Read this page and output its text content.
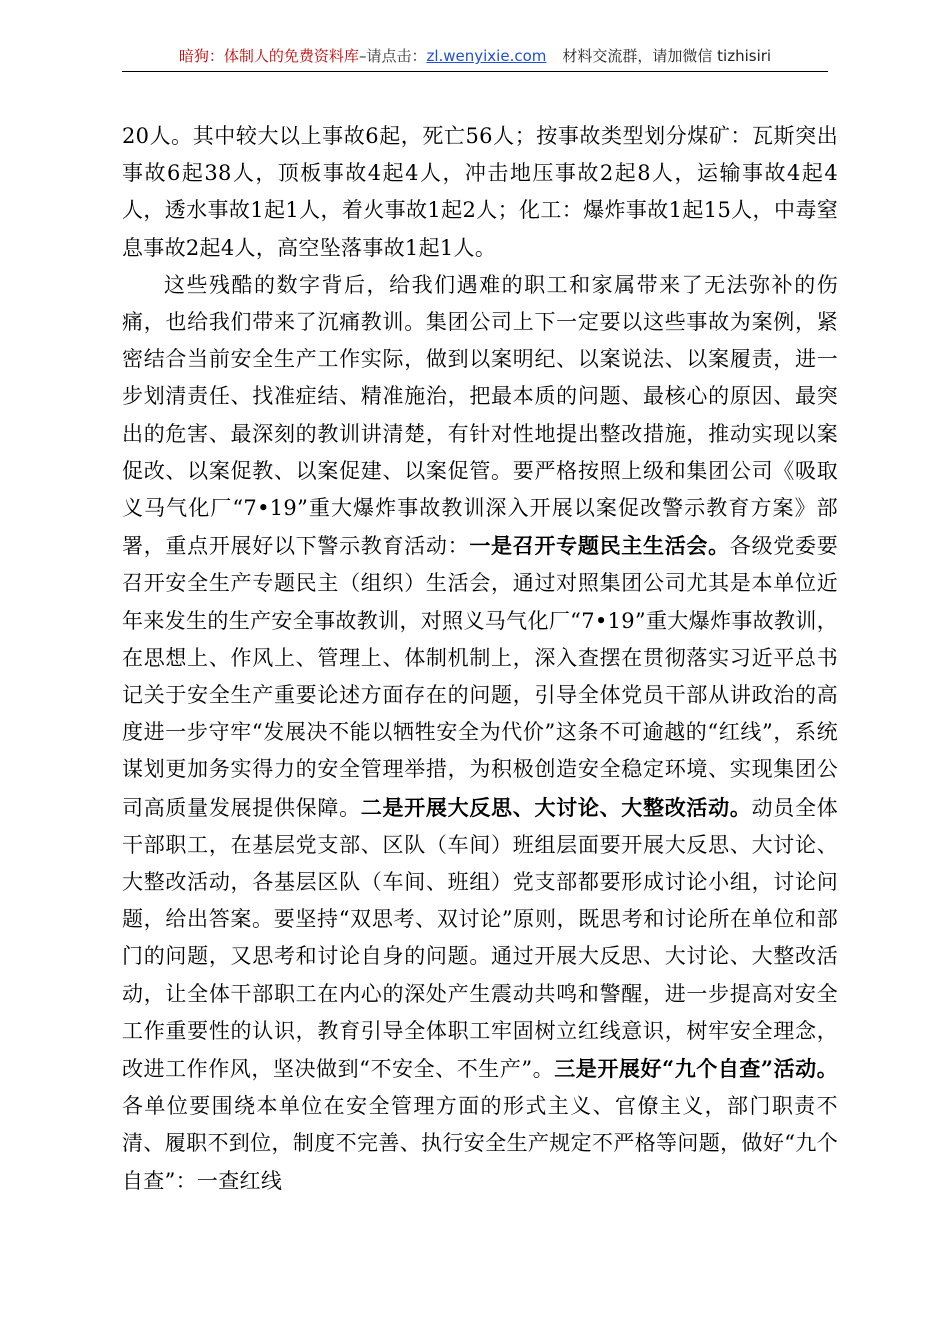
暗狗：体制人的免费资料库–请点击：zl.wenyixie.com 材料交流群，请加微信 tizhisiri

20人。其中较大以上事故6起，死亡56人；按事故类型划分煤矿：瓦斯突出事故6起38人，顶板事故4起4人，冲击地压事故2起8人，运输事故4起4人，透水事故1起1人，着火事故1起2人；化工：爆炸事故1起15人，中毒窒息事故2起4人，高空坠落事故1起1人。

这些残酷的数字背后，给我们遇难的职工和家属带来了无法弥补的伤痛，也给我们带来了沉痛教训。集团公司上下一定要以这些事故为案例，紧密结合当前安全生产工作实际，做到以案明纪、以案说法、以案履责，进一步划清责任、找准症结、精准施治，把最本质的问题、最核心的原因、最突出的危害、最深刻的教训讲清楚，有针对性地提出整改措施，推动实现以案促改、以案促教、以案促建、以案促管。要严格按照上级和集团公司《吸取义马气化厂“7•19”重大爆炸事故教训深入开展以案促改警示教育方案》部署，重点开展好以下警示教育活动：一是召开专题民主生活会。各级党委要召开安全生产专题民主（组织）生活会，通过对照集团公司尤其是本单位近年来发生的生产安全事故教训，对照义马气化厂“7•19”重大爆炸事故教训，在思想上、作风上、管理上、体制机制上，深入查摆在贯彻落实习近平总书记关于安全生产重要论述方面存在的问题，引导全体党员干部从讲政治的高度进一步守牢“发展决不能以牺牲安全为代价”这条不可逾越的“红线”，系统谋划更加务实得力的安全管理举措，为积极创造安全稳定环境、实现集团公司高质量发展提供保障。二是开展大反思、大讨论、大整改活动。动员全体干部职工，在基层党支部、区队（车间）班组层面要开展大反思、大讨论、大整改活动，各基层区队（车间、班组）党支部都要形成讨论小组，讨论问题，给出答案。要坚持“双思考、双讨论”原则，既思考和讨论所在单位和部门的问题，又思考和讨论自身的问题。通过开展大反思、大讨论、大整改活动，让全体干部职工在内心的深处产生震动共鸣和警醒，进一步提高对安全工作重要性的认识，教育引导全体职工牢固树立红线意识，树牢安全理念，改进工作作风，坚决做到“不安全、不生产”。三是开展好“九个自查”活动。各单位要围绕本单位在安全管理方面的形式主义、官僚主义，部门职责不清、履职不到位，制度不完善、执行安全生产规定不严格等问题，做好“九个自查”：一查红线
